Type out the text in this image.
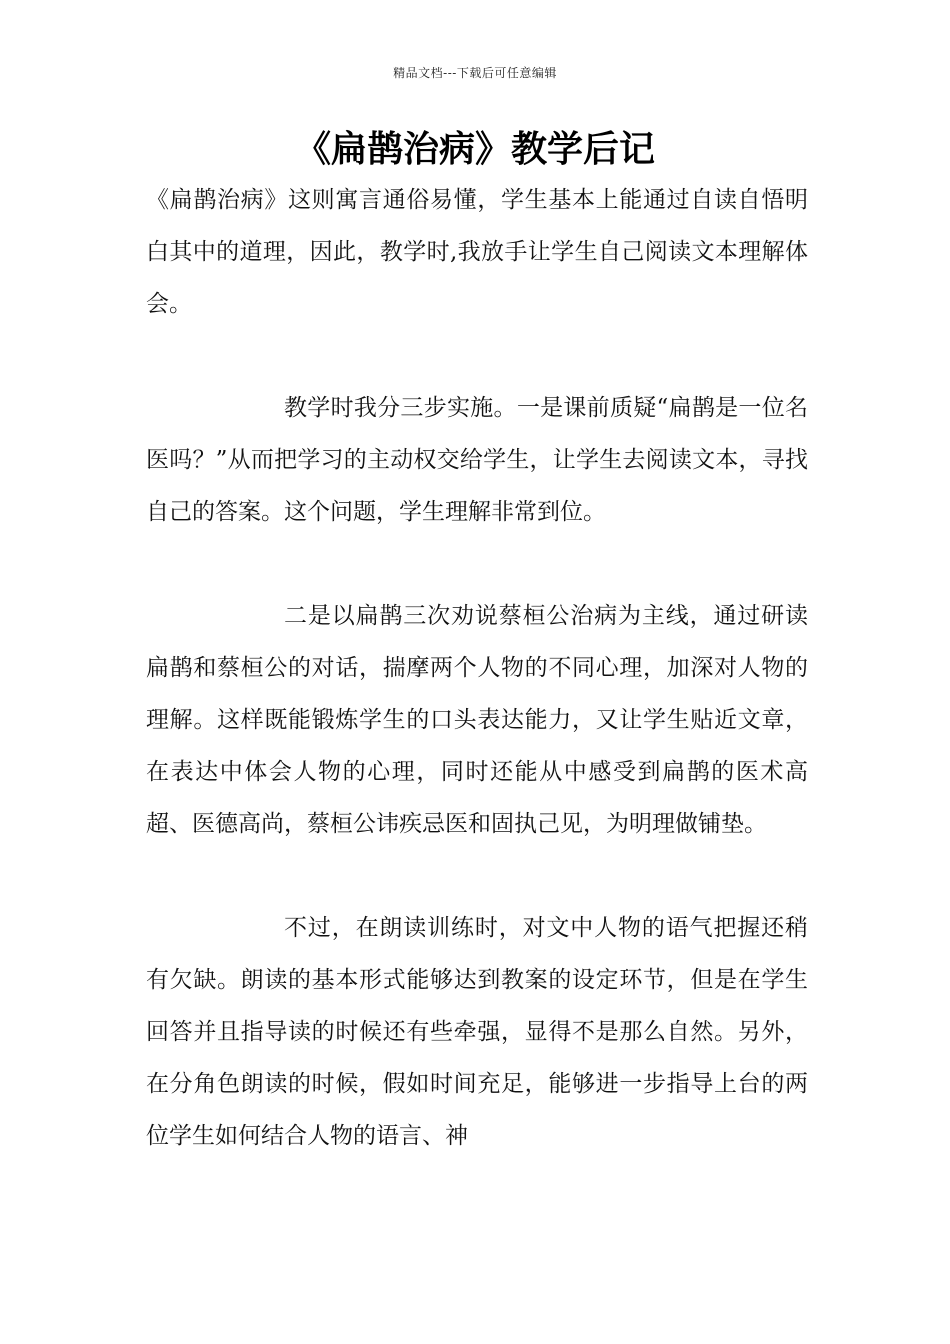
精品文档---下载后可任意编辑
《扁鹊治病》教学后记

《扁鹊治病》这则寓言通俗易懂，学生基本上能通过自读自悟明白其中的道理，因此，教学时,我放手让学生自己阅读文本理解体会。

教学时我分三步实施。一是课前质疑“扁鹊是一位名医吗？”从而把学习的主动权交给学生，让学生去阅读文本，寻找自己的答案。这个问题，学生理解非常到位。

二是以扁鹊三次劝说蔡桓公治病为主线，通过研读扁鹊和蔡桓公的对话，揣摩两个人物的不同心理，加深对人物的理解。这样既能锻炼学生的口头表达能力，又让学生贴近文章，在表达中体会人物的心理，同时还能从中感受到扁鹊的医术高超、医德高尚，蔡桓公讳疾忌医和固执己见，为明理做铺垫。

不过，在朗读训练时，对文中人物的语气把握还稍有欠缺。朗读的基本形式能够达到教案的设定环节，但是在学生回答并且指导读的时候还有些牵强，显得不是那么自然。另外，在分角色朗读的时候，假如时间充足，能够进一步指导上台的两位学生如何结合人物的语言、神
